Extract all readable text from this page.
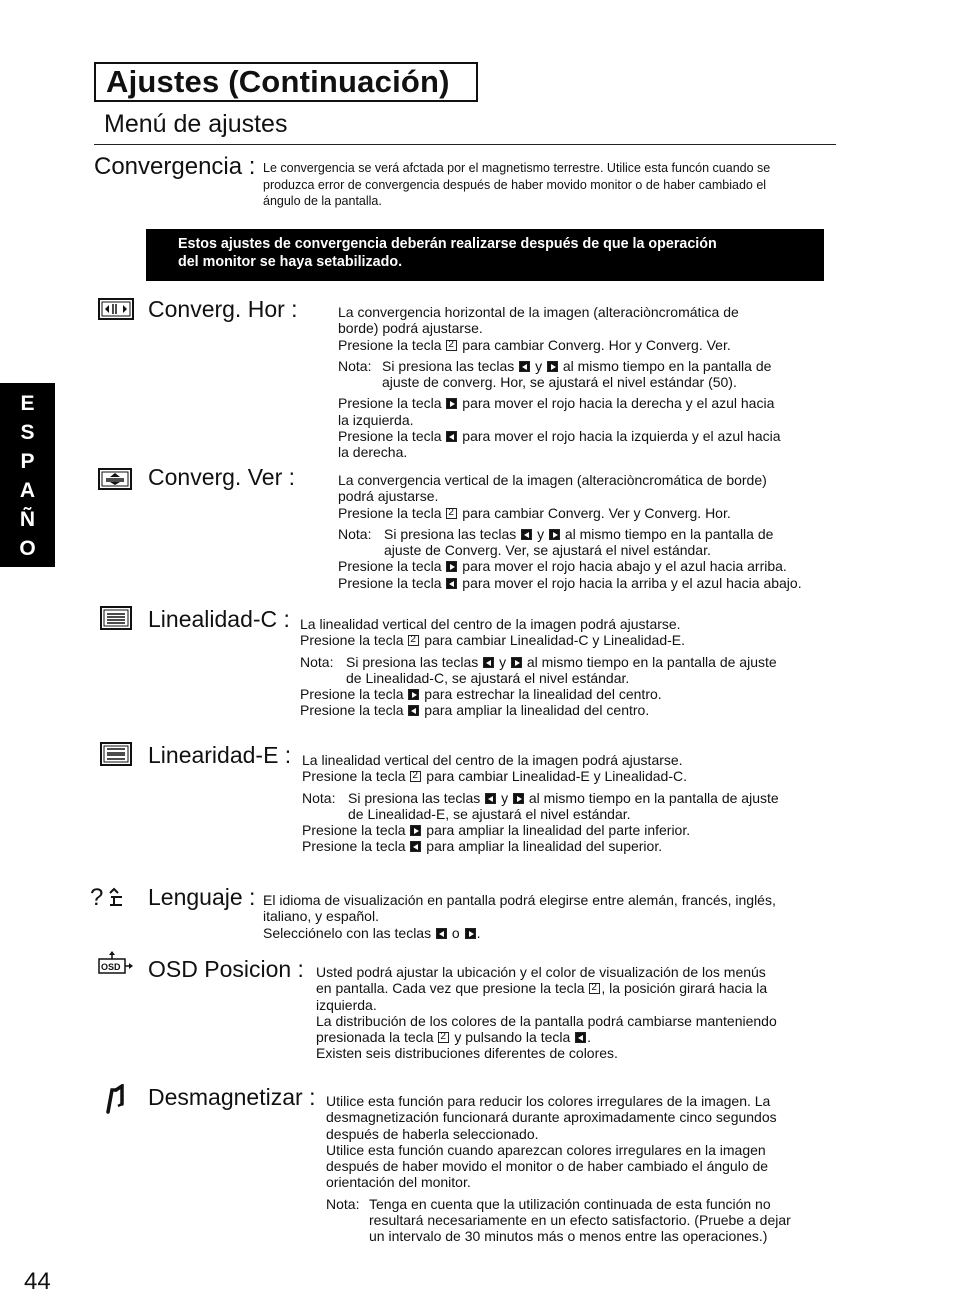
Ajustes (Continuación)
Menú de ajustes
Convergencia : Le convergencia se verá afctada por el magnetismo terrestre. Utilice esta funcón cuando se
produzca error de convergencia después de haber movido monitor o de haber cambiado el
ángulo de la pantalla.
Estos ajustes de convergencia deberán realizarse después de que la operación
del monitor se haya setabilizado.
E
S
P
A
Ñ
O
L
Converg. Hor :	La convergencia horizontal de la imagen (alteraciòncromática de
borde) podrá ajustarse.
Presione la tecla 2 para cambiar Converg. Hor y Converg. Ver.
Nota: Si presiona las teclas y al mismo tiempo en la pantalla de
ajuste de converg. Hor, se ajustará el nivel estándar (50).
Presione la tecla para mover el rojo hacia la derecha y el azul hacia
la izquierda.
Presione la tecla para mover el rojo hacia la izquierda y el azul hacia
la derecha.
Converg. Ver :	La convergencia vertical de la imagen (alteraciòncromática de borde)
podrá ajustarse.
Presione la tecla 2 para cambiar Converg. Ver y Converg. Hor.
Nota: Si presiona las teclas y al mismo tiempo en la pantalla de
ajuste de Converg. Ver, se ajustará el nivel estándar.
Presione la tecla para mover el rojo hacia abajo y el azul hacia arriba.
Presione la tecla para mover el rojo hacia la arriba y el azul hacia abajo.
Linealidad-C : La linealidad vertical del centro de la imagen podrá ajustarse.
Presione la tecla 2 para cambiar Linealidad-C y Linealidad-E.
Nota: Si presiona las teclas y al mismo tiempo en la pantalla de ajuste
de Linealidad-C, se ajustará el nivel estándar.
Presione la tecla para estrechar la linealidad del centro.
Presione la tecla para ampliar la linealidad del centro.
Linearidad-E : La linealidad vertical del centro de la imagen podrá ajustarse.
Presione la tecla 2 para cambiar Linealidad-E y Linealidad-C.
Nota: Si presiona las teclas y al mismo tiempo en la pantalla de ajuste
de Linealidad-E, se ajustará el nivel estándar.
Presione la tecla para ampliar la linealidad del parte inferior.
Presione la tecla para ampliar la linealidad del superior.
? Lenguaje : El idioma de visualización en pantalla podrá elegirse entre alemán, francés, inglés,
italiano, y español.
Selecciónelo con las teclas o .
OSD OSD Posicion : Usted podrá ajustar la ubicación y el color de visualización de los menús
en pantalla. Cada vez que presione la tecla 2 , la posición girará hacia la
izquierda.
La distribución de los colores de la pantalla podrá cambiarse manteniendo
presionada la tecla 2 y pulsando la tecla .
Existen seis distribuciones diferentes de colores.
Desmagnetizar : Utilice esta función para reducir los colores irregulares de la imagen. La
desmagnetización funcionará durante aproximadamente cinco segundos
después de haberla seleccionado.
Utilice esta función cuando aparezcan colores irregulares en la imagen
después de haber movido el monitor o de haber cambiado el ángulo de
orientación del monitor.
Nota: Tenga en cuenta que la utilización continuada de esta función no
resultará necesariamente en un efecto satisfactorio. (Pruebe a dejar
un intervalo de 30 minutos más o menos entre las operaciones.)
44
